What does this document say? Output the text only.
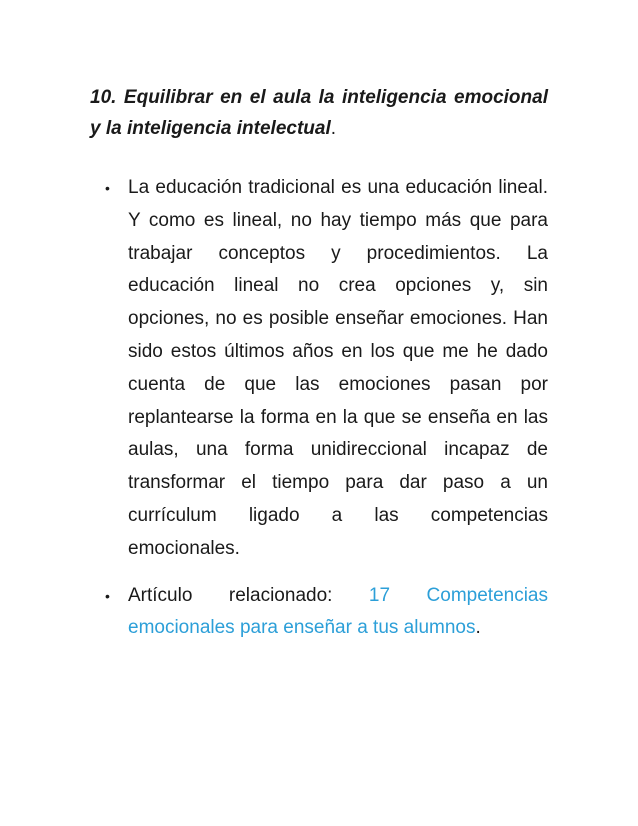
10. Equilibrar en el aula la inteligencia emocional y la inteligencia intelectual.
• La educación tradicional es una educación lineal. Y como es lineal, no hay tiempo más que para trabajar conceptos y procedimientos. La educación lineal no crea opciones y, sin opciones, no es posible enseñar emociones. Han sido estos últimos años en los que me he dado cuenta de que las emociones pasan por replantearse la forma en la que se enseña en las aulas, una forma unidireccional incapaz de transformar el tiempo para dar paso a un currículum ligado a las competencias emocionales.
• Artículo relacionado: 17 Competencias
emocionales para enseñar a tus alumnos.
